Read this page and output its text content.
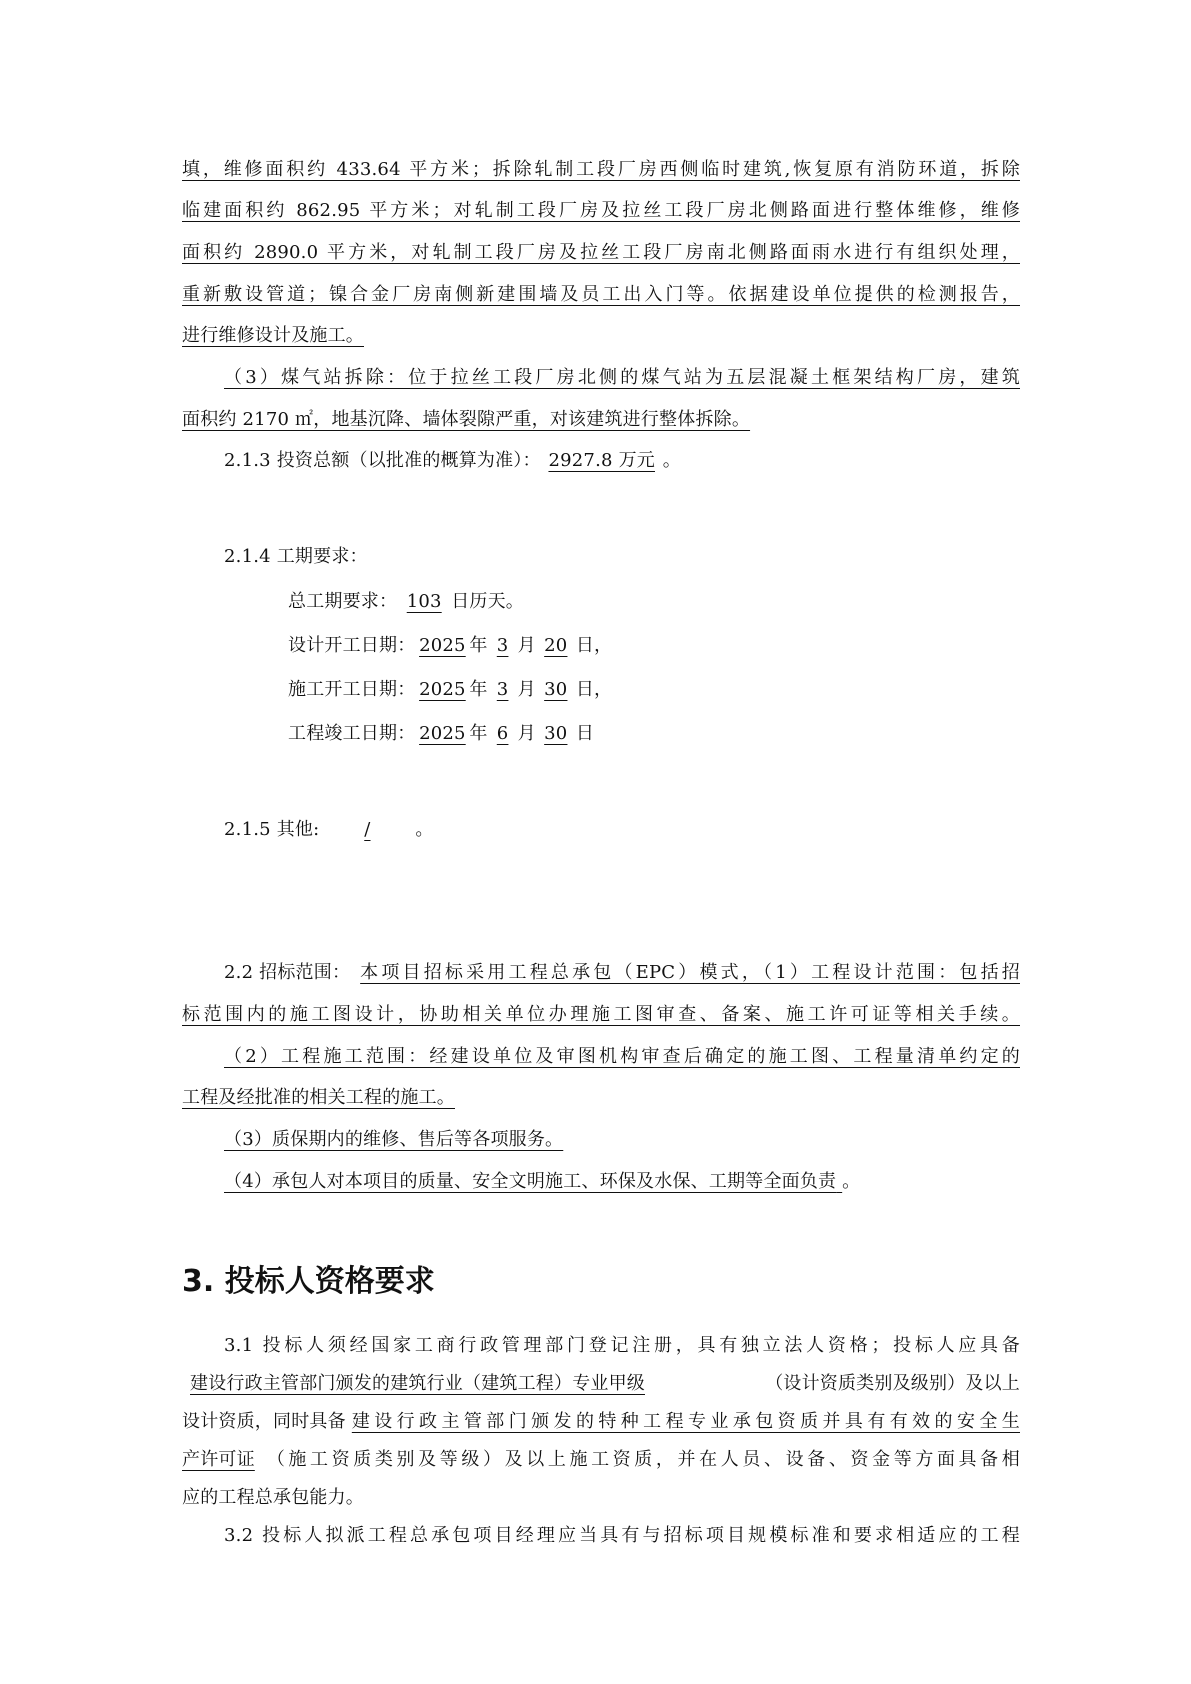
填，维修面积约 433.64 平方米；拆除轧制工段厂房西侧临时建筑,恢复原有消防环道，拆除
临建面积约 862.95 平方米；对轧制工段厂房及拉丝工段厂房北侧路面进行整体维修，维修
面积约 2890.0 平方米，对轧制工段厂房及拉丝工段厂房南北侧路面雨水进行有组织处理，
重新敷设管道；镍合金厂房南侧新建围墙及员工出入门等。依据建设单位提供的检测报告，
进行维修设计及施工。
（3）煤气站拆除：位于拉丝工段厂房北侧的煤气站为五层混凝土框架结构厂房，建筑
面积约 2170 ㎡，地基沉降、墙体裂隙严重，对该建筑进行整体拆除。
2.1.3 投资总额（以批准的概算为准）： 2927.8 万元 。
2.1.4 工期要求：
总工期要求： 103 日历天。
设计开工日期： 2025 年 3 月 20 日，
施工开工日期： 2025 年 3 月 30 日，
工程竣工日期： 2025 年 6 月 30 日
2.1.5 其他: / 。
2.2 招标范围： 本项目招标采用工程总承包（EPC）模式，（1）工程设计范围：包括招
标范围内的施工图设计，协助相关单位办理施工图审查、备案、施工许可证等相关手续。
（2）工程施工范围：经建设单位及审图机构审查后确定的施工图、工程量清单约定的
工程及经批准的相关工程的施工。
（3）质保期内的维修、售后等各项服务。
（4）承包人对本项目的质量、安全文明施工、环保及水保、工期等全面负责 。
3. 投标人资格要求
3.1 投标人须经国家工商行政管理部门登记注册，具有独立法人资格；投标人应具备
建设行政主管部门颁发的建筑行业（建筑工程）专业甲级	（设计资质类别及级别）及以上
设计资质，同时具备 建设行政主管部门颁发的特种工程专业承包资质并具有有效的安全生
产许可证 （施工资质类别及等级）及以上施工资质，并在人员、设备、资金等方面具备相
应的工程总承包能力。
3.2 投标人拟派工程总承包项目经理应当具有与招标项目规模标准和要求相适应的工程
